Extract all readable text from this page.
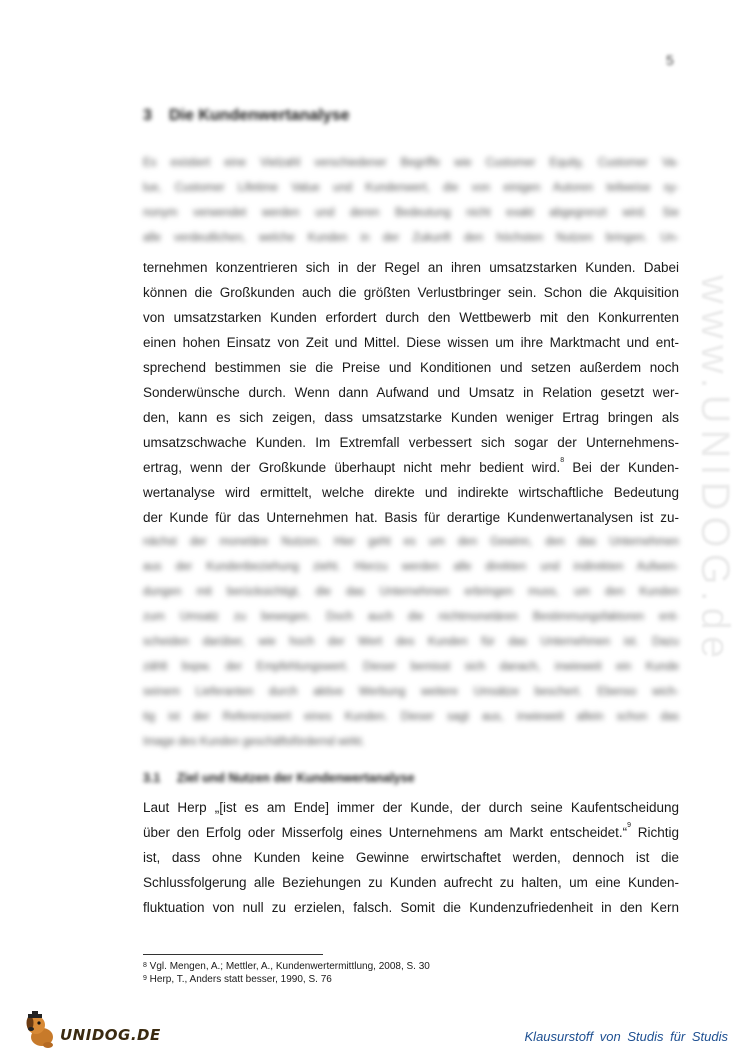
5
3 Die Kundenwertanalyse
Es existiert eine Vielzahl verschiedener Begriffe wie Customer Equity, Customer Va-
lue, Customer Lifetime Value und Kundenwert, die von einigen Autoren teilweise sy-
nonym verwendet werden und deren Bedeutung nicht exakt abgegrenzt wird. Sie
alle verdeutlichen, welche Kunden in der Zukunft den höchsten Nutzen bringen. Un-
ternehmen konzentrieren sich in der Regel an ihren umsatzstarken Kunden. Dabei
können die Großkunden auch die größten Verlustbringer sein. Schon die Akquisition
von umsatzstarken Kunden erfordert durch den Wettbewerb mit den Konkurrenten
einen hohen Einsatz von Zeit und Mittel. Diese wissen um ihre Marktmacht und ent-
sprechend bestimmen sie die Preise und Konditionen und setzen außerdem noch
Sonderwünsche durch. Wenn dann Aufwand und Umsatz in Relation gesetzt wer-
den, kann es sich zeigen, dass umsatzstarke Kunden weniger Ertrag bringen als
umsatzschwache Kunden. Im Extremfall verbessert sich sogar der Unternehmens-
ertrag, wenn der Großkunde überhaupt nicht mehr bedient wird.$^8$ Bei der Kunden-
wertanalyse wird ermittelt, welche direkte und indirekte wirtschaftliche Bedeutung
der Kunde für das Unternehmen hat. Basis für derartige Kundenwertanalysen ist zu-
nächst der monetäre Nutzen. Hier geht es um den Gewinn, den das Unternehmen
aus der Kundenbeziehung zieht. Hierzu werden alle direkten und indirekten Aufwen-
dungen mit berücksichtigt, die das Unternehmen erbringen muss, um den Kunden
zum Umsatz zu bewegen. Doch auch die nichtmonetären Bestimmungsfaktoren ent-
scheiden darüber, wie hoch der Wert des Kunden für das Unternehmen ist. Dazu
zählt bspw. der Empfehlungswert. Dieser bemisst sich danach, inwieweit ein Kunde
seinem Lieferanten durch aktive Werbung weitere Umsätze beschert. Ebenso wich-
tig ist der Referenzwert eines Kunden. Dieser sagt aus, inwieweit allein schon das
Image des Kunden geschäftsfördernd wirkt.
3.1 Ziel und Nutzen der Kundenwertanalyse
Laut Herp „[ist es am Ende] immer der Kunde, der durch seine Kaufentscheidung
über den Erfolg oder Misserfolg eines Unternehmens am Markt entscheidet.“$^9$ Richtig
ist, dass ohne Kunden keine Gewinne erwirtschaftet werden, dennoch ist die
Schlussfolgerung alle Beziehungen zu Kunden aufrecht zu halten, um eine Kunden-
fluktuation von null zu erzielen, falsch. Somit die Kundenzufriedenheit in den Kern
$^8$ Vgl. Mengen, A.; Mettler, A., Kundenwertermittlung, 2008, S. 30
$^9$ Herp, T., Anders statt besser, 1990, S. 76
www.UNIDOG.de
UNIDOG.DE	Klausurstoff von Studis für Studis
